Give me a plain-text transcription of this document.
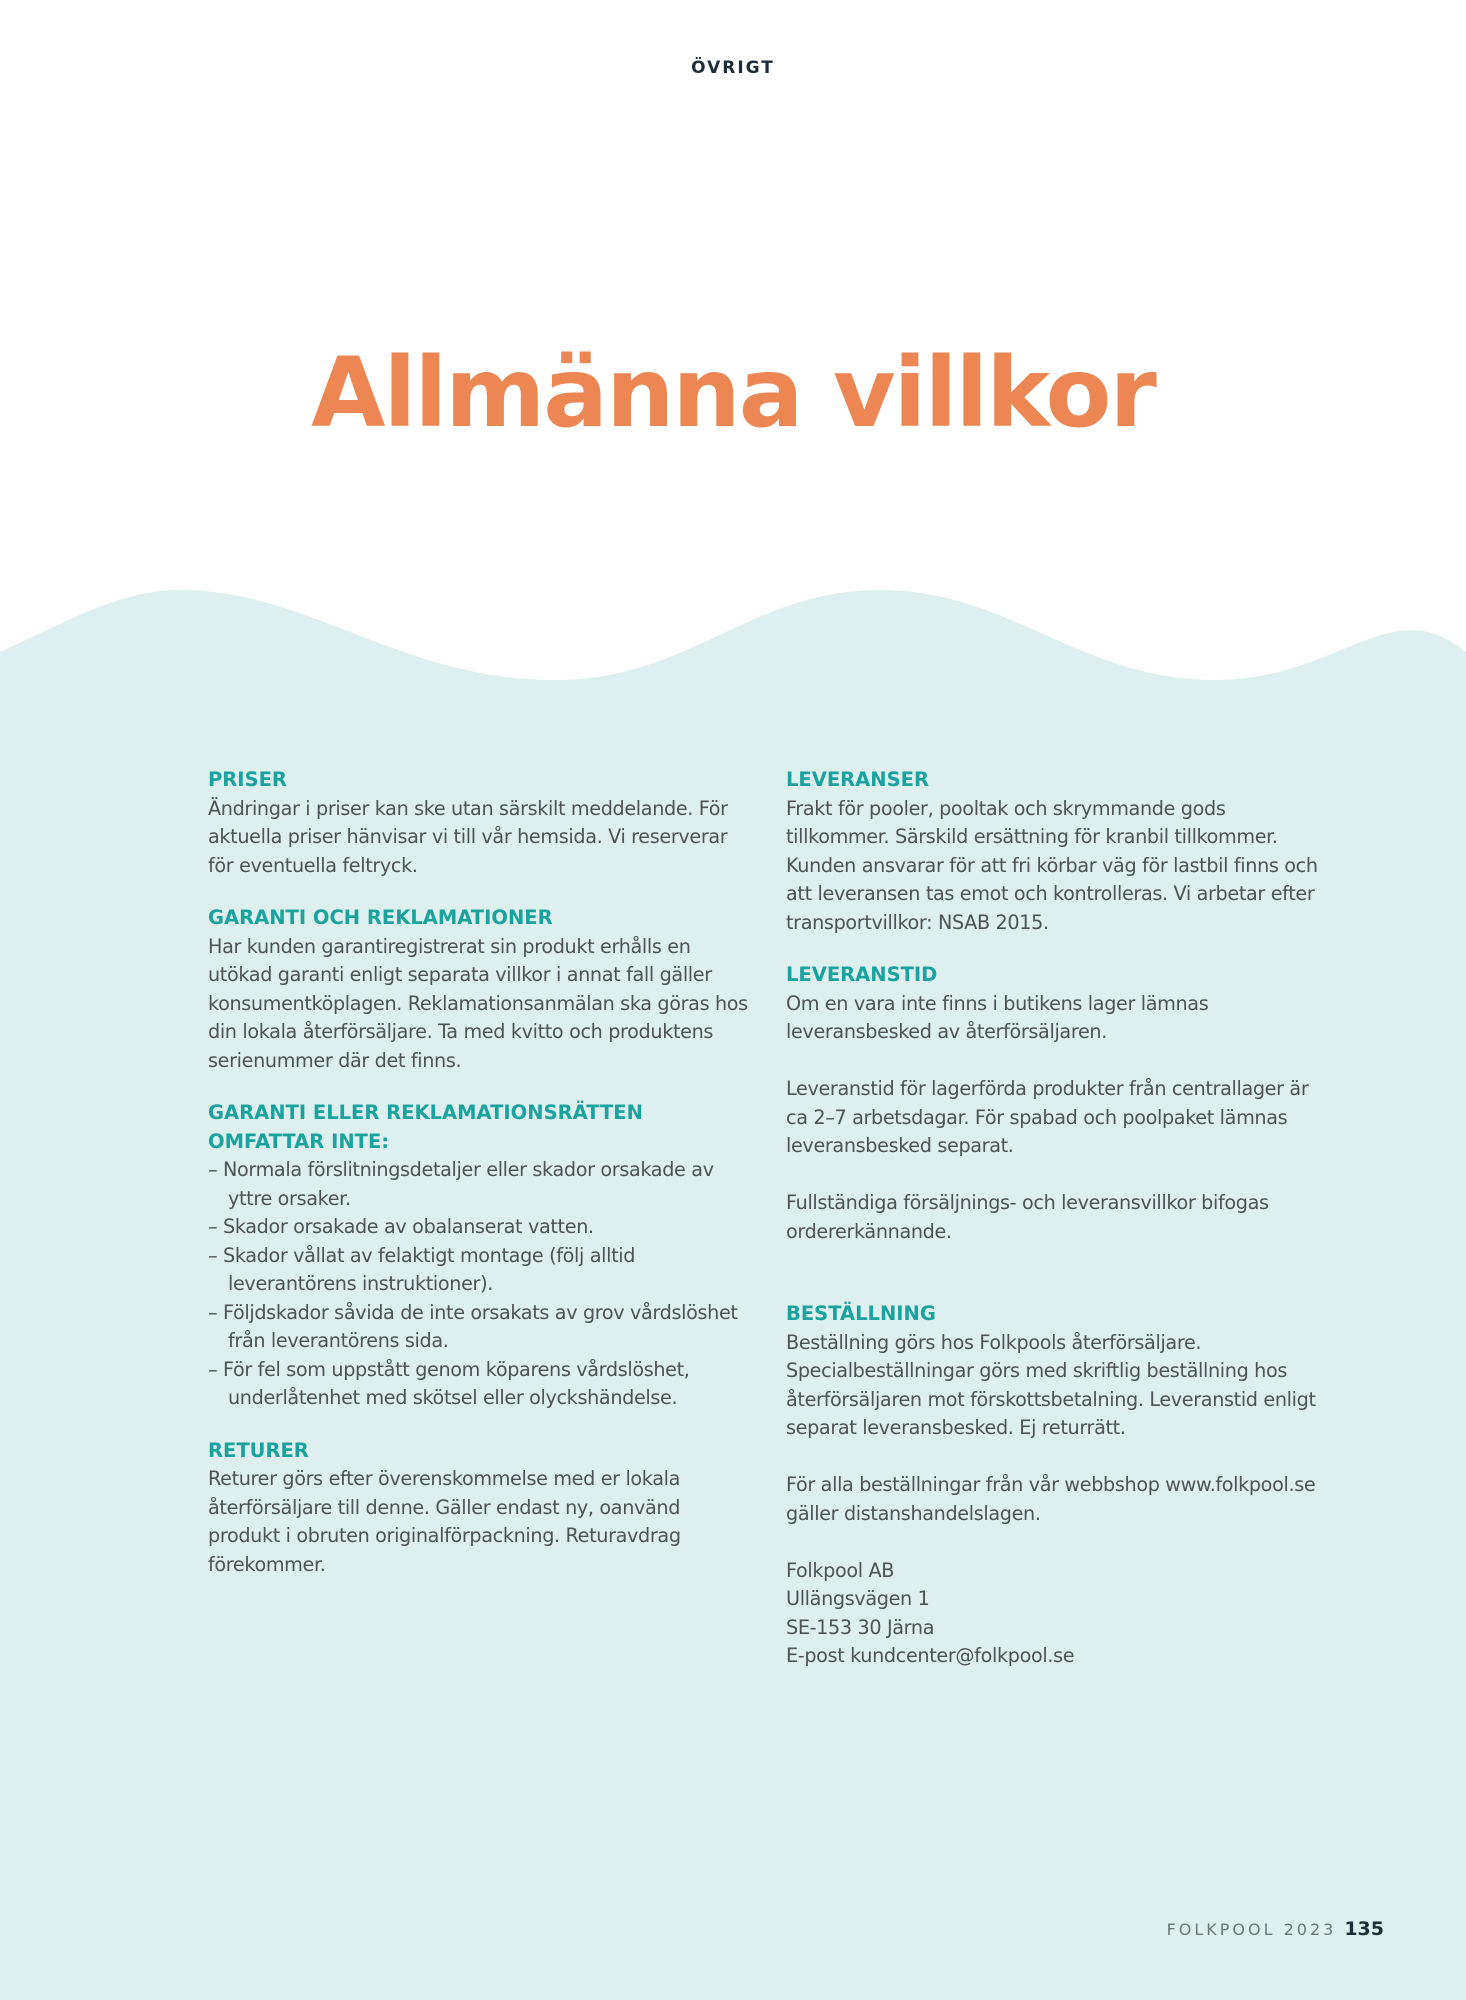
ÖVRIGT
Allmänna villkor

PRISER

Ändringar i priser kan ske utan särskilt meddelande. För aktuella priser hänvisar vi till vår hemsida. Vi reserverar för eventuella feltryck.

GARANTI OCH REKLAMATIONER

Har kunden garantiregistrerat sin produkt erhålls en utökad garanti enligt separata villkor i annat fall gäller konsumentköplagen. Reklamationsanmälan ska göras hos din lokala återförsäljare. Ta med kvitto och produktens serienummer där det finns.

GARANTI ELLER REKLAMATIONSRÄTTEN OMFATTAR INTE:

– Normala förslitningsdetaljer eller skador orsakade av yttre orsaker.
– Skador orsakade av obalanserat vatten.
– Skador vållat av felaktigt montage (följ alltid leverantörens instruktioner).
– Följdskador såvida de inte orsakats av grov vårdslöshet från leverantörens sida.
– För fel som uppstått genom köparens vårdslöshet, underlåtenhet med skötsel eller olyckshändelse.

RETURER

Returer görs efter överenskommelse med er lokala återförsäljare till denne. Gäller endast ny, oanvänd produkt i obruten originalförpackning. Returavdrag förekommer.

LEVERANSER

Frakt för pooler, pooltak och skrymmande gods tillkommer. Särskild ersättning för kranbil tillkommer. Kunden ansvarar för att fri körbar väg för lastbil finns och att leveransen tas emot och kontrolleras. Vi arbetar efter transportvillkor: NSAB 2015.

LEVERANSTID

Om en vara inte finns i butikens lager lämnas leveransbesked av återförsäljaren.

Leveranstid för lagerförda produkter från centrallager är ca 2–7 arbetsdagar. För spabad och poolpaket lämnas leveransbesked separat.

Fullständiga försäljnings- och leveransvillkor bifogas ordererkännande.

BESTÄLLNING

Beställning görs hos Folkpools återförsäljare. Specialbeställningar görs med skriftlig beställning hos återförsäljaren mot förskottsbetalning. Leveranstid enligt separat leveransbesked. Ej returrätt.

För alla beställningar från vår webbshop www.folkpool.se gäller distanshandelslagen.

Folkpool AB
Ullängsvägen 1
SE-153 30 Järna
E-post kundcenter@folkpool.se
FOLKPOOL 2023 135
